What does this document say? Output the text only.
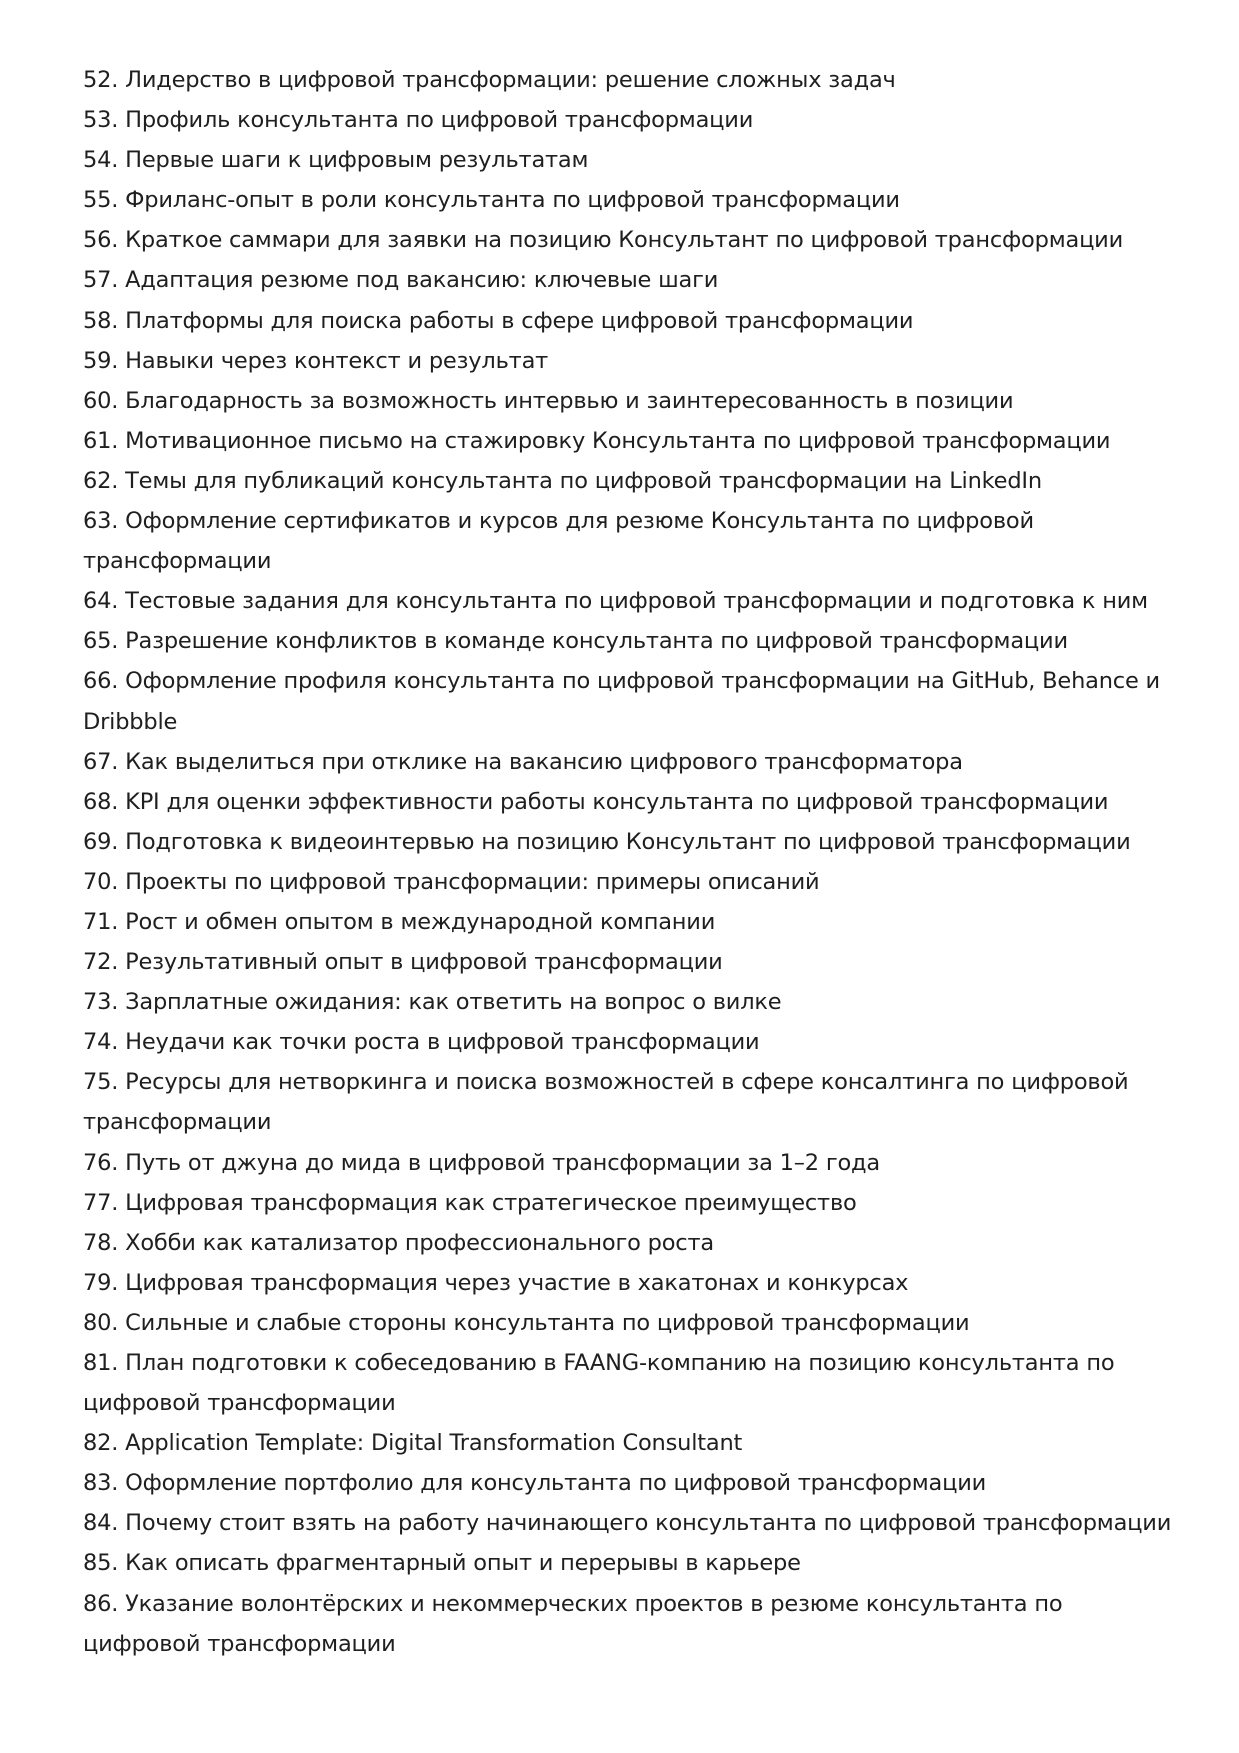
52. Лидерство в цифровой трансформации: решение сложных задач
53. Профиль консультанта по цифровой трансформации
54. Первые шаги к цифровым результатам
55. Фриланс-опыт в роли консультанта по цифровой трансформации
56. Краткое саммари для заявки на позицию Консультант по цифровой трансформации
57. Адаптация резюме под вакансию: ключевые шаги
58. Платформы для поиска работы в сфере цифровой трансформации
59. Навыки через контекст и результат
60. Благодарность за возможность интервью и заинтересованность в позиции
61. Мотивационное письмо на стажировку Консультанта по цифровой трансформации
62. Темы для публикаций консультанта по цифровой трансформации на LinkedIn
63. Оформление сертификатов и курсов для резюме Консультанта по цифровой трансформации
64. Тестовые задания для консультанта по цифровой трансформации и подготовка к ним
65. Разрешение конфликтов в команде консультанта по цифровой трансформации
66. Оформление профиля консультанта по цифровой трансформации на GitHub, Behance и Dribbble
67. Как выделиться при отклике на вакансию цифрового трансформатора
68. KPI для оценки эффективности работы консультанта по цифровой трансформации
69. Подготовка к видеоинтервью на позицию Консультант по цифровой трансформации
70. Проекты по цифровой трансформации: примеры описаний
71. Рост и обмен опытом в международной компании
72. Результативный опыт в цифровой трансформации
73. Зарплатные ожидания: как ответить на вопрос о вилке
74. Неудачи как точки роста в цифровой трансформации
75. Ресурсы для нетворкинга и поиска возможностей в сфере консалтинга по цифровой трансформации
76. Путь от джуна до мида в цифровой трансформации за 1–2 года
77. Цифровая трансформация как стратегическое преимущество
78. Хобби как катализатор профессионального роста
79. Цифровая трансформация через участие в хакатонах и конкурсах
80. Сильные и слабые стороны консультанта по цифровой трансформации
81. План подготовки к собеседованию в FAANG-компанию на позицию консультанта по цифровой трансформации
82. Application Template: Digital Transformation Consultant
83. Оформление портфолио для консультанта по цифровой трансформации
84. Почему стоит взять на работу начинающего консультанта по цифровой трансформации
85. Как описать фрагментарный опыт и перерывы в карьере
86. Указание волонтёрских и некоммерческих проектов в резюме консультанта по цифровой трансформации
